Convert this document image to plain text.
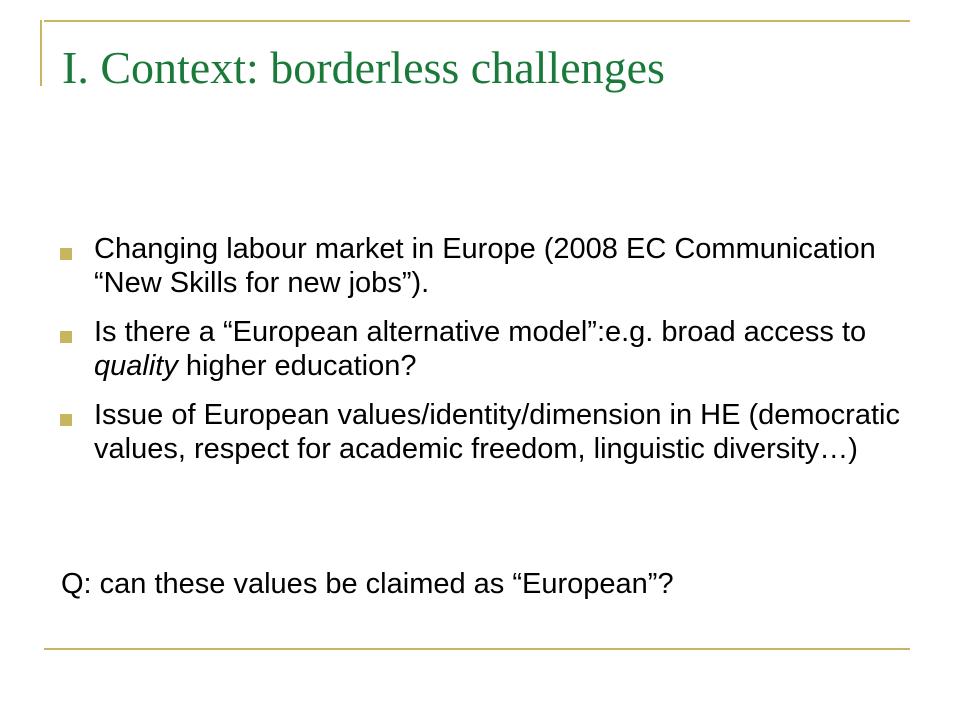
I. Context: borderless challenges
Changing labour market in Europe (2008 EC Communication “New Skills for new jobs”).
Is there a “European alternative model”:e.g. broad access to quality higher education?
Issue of European values/identity/dimension in HE (democratic values, respect for academic freedom, linguistic diversity…)
Q: can these values be claimed as “European”?
